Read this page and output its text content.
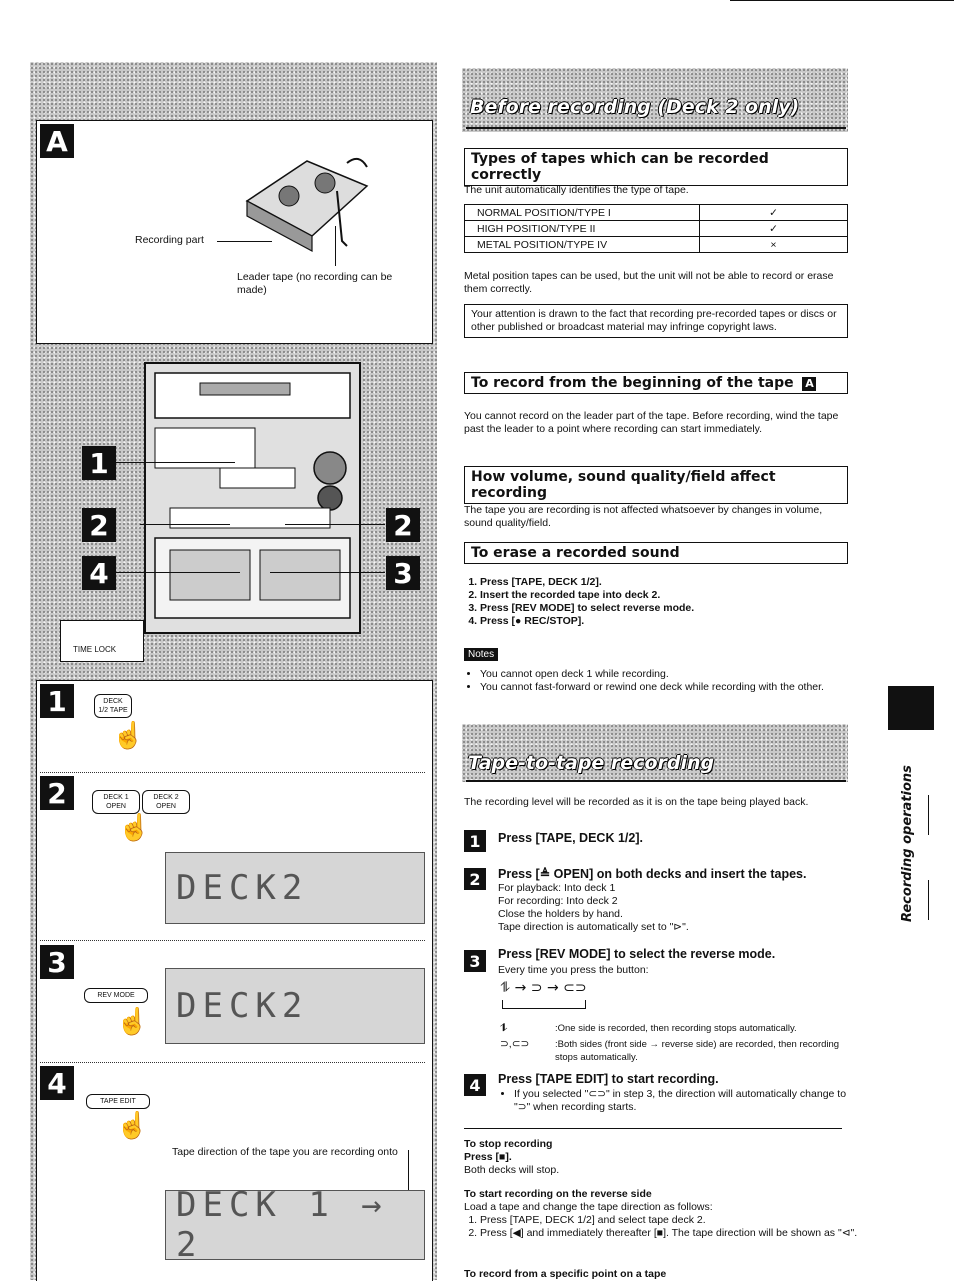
Recording part
Leader tape (no recording can be made)
A
1
2	2
4	3
TIME LOCK
1	DECK 1/2 TAPE
☝
2	DECK 1 OPEN
DECK 2 OPEN
☝
DECK2
3
REV MODE
☝ DECK2
4
TAPE EDIT
☝
Tape direction of the tape you are recording onto
DECK 1 → 2
Before recording (Deck 2 only)
Types of tapes which can be recorded correctly
The unit automatically identifies the type of tape.
NORMAL POSITION/TYPE I	✓
HIGH POSITION/TYPE II	✓
METAL POSITION/TYPE IV	×
Metal position tapes can be used, but the unit will not be able to record or erase them correctly.
Your attention is drawn to the fact that recording pre-recorded tapes or discs or other published or broadcast material may infringe copyright laws.
To record from the beginning of the tape A
You cannot record on the leader part of the tape. Before recording, wind the tape past the leader to a point where recording can start immediately.
How volume, sound quality/field affect recording
The tape you are recording is not affected whatsoever by changes in volume, sound quality/field.
To erase a recorded sound
1. Press [TAPE, DECK 1/2].
2. Insert the recorded tape into deck 2.
3. Press [REV MODE] to select reverse mode.
4. Press [● REC/STOP].
Notes
• You cannot open deck 1 while recording.
• You cannot fast-forward or rewind one deck while recording with the other.
Tape-to-tape recording
The recording level will be recorded as it is on the tape being played back.
1	Press [TAPE, DECK 1/2].
2	Press [≜ OPEN] on both decks and insert the tapes.
For playback: Into deck 1
For recording: Into deck 2
Close the holders by hand.
Tape direction is automatically set to "⊳".
3	Press [REV MODE] to select the reverse mode.
Every time you press the button:
⥮ → ⊃ → ⊂⊃
⥮	:One side is recorded, then recording stops automatically.
⊃,⊂⊃	:Both sides (front side → reverse side) are recorded, then recording stops automatically.
4	Press [TAPE EDIT] to start recording.
• If you selected "⊂⊃" in step 3, the direction will automatically change to "⊃" when recording starts.
To stop recording
Press [■].
Both decks will stop.
To start recording on the reverse side
Load a tape and change the tape direction as follows:
1. Press [TAPE, DECK 1/2] and select tape deck 2.
2. Press [◀] and immediately thereafter [■]. The tape direction will be shown as "⊲".
To record from a specific point on a tape
Recording operations
